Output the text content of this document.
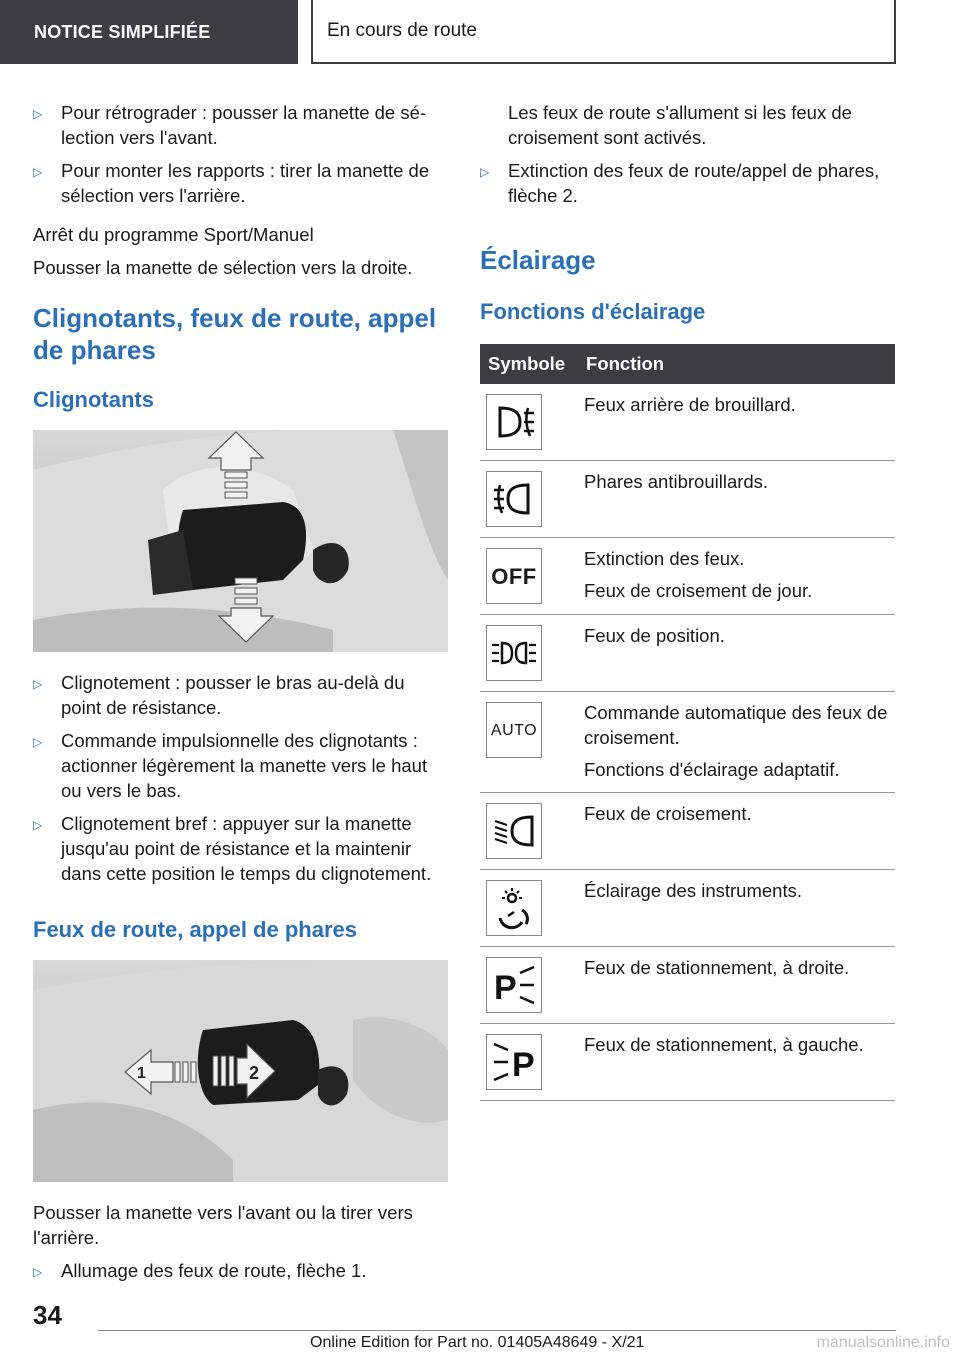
NOTICE SIMPLIFIÉE	En cours de route
▷	Pour rétrograder : pousser la manette de sé-lection vers l'avant.
▷	Pour monter les rapports : tirer la manette de sélection vers l'arrière.

Arrêt du programme Sport/Manuel

Pousser la manette de sélection vers la droite.

Clignotants, feux de route, appel de phares
Clignotants
▷	Clignotement : pousser le bras au-delà du point de résistance.
▷	Commande impulsionnelle des clignotants : actionner légèrement la manette vers le haut ou vers le bas.
▷	Clignotement bref : appuyer sur la manette jusqu'au point de résistance et la maintenir dans cette position le temps du clignotement.
Feux de route, appel de phares
1	2

Pousser la manette vers l'avant ou la tirer vers l'arrière.

▷	Allumage des feux de route, flèche 1.

Les feux de route s'allument si les feux de croisement sont activés.

▷	Extinction des feux de route/appel de phares, flèche 2.
Éclairage
Fonctions d'éclairage
Symbole	Fonction

Feux arrière de brouillard.

Phares antibrouillards.

OFF	Extinction des feux.
Feux de croisement de jour.

Feux de position.

AUTO	Commande automatique des feux de croisement.
Fonctions d'éclairage adaptatif.

Feux de croisement.

Éclairage des instruments.

P	Feux de stationnement, à droite.

P	Feux de stationnement, à gauche.
34
Online Edition for Part no. 01405A48649 - X/21	manualsonline.info
